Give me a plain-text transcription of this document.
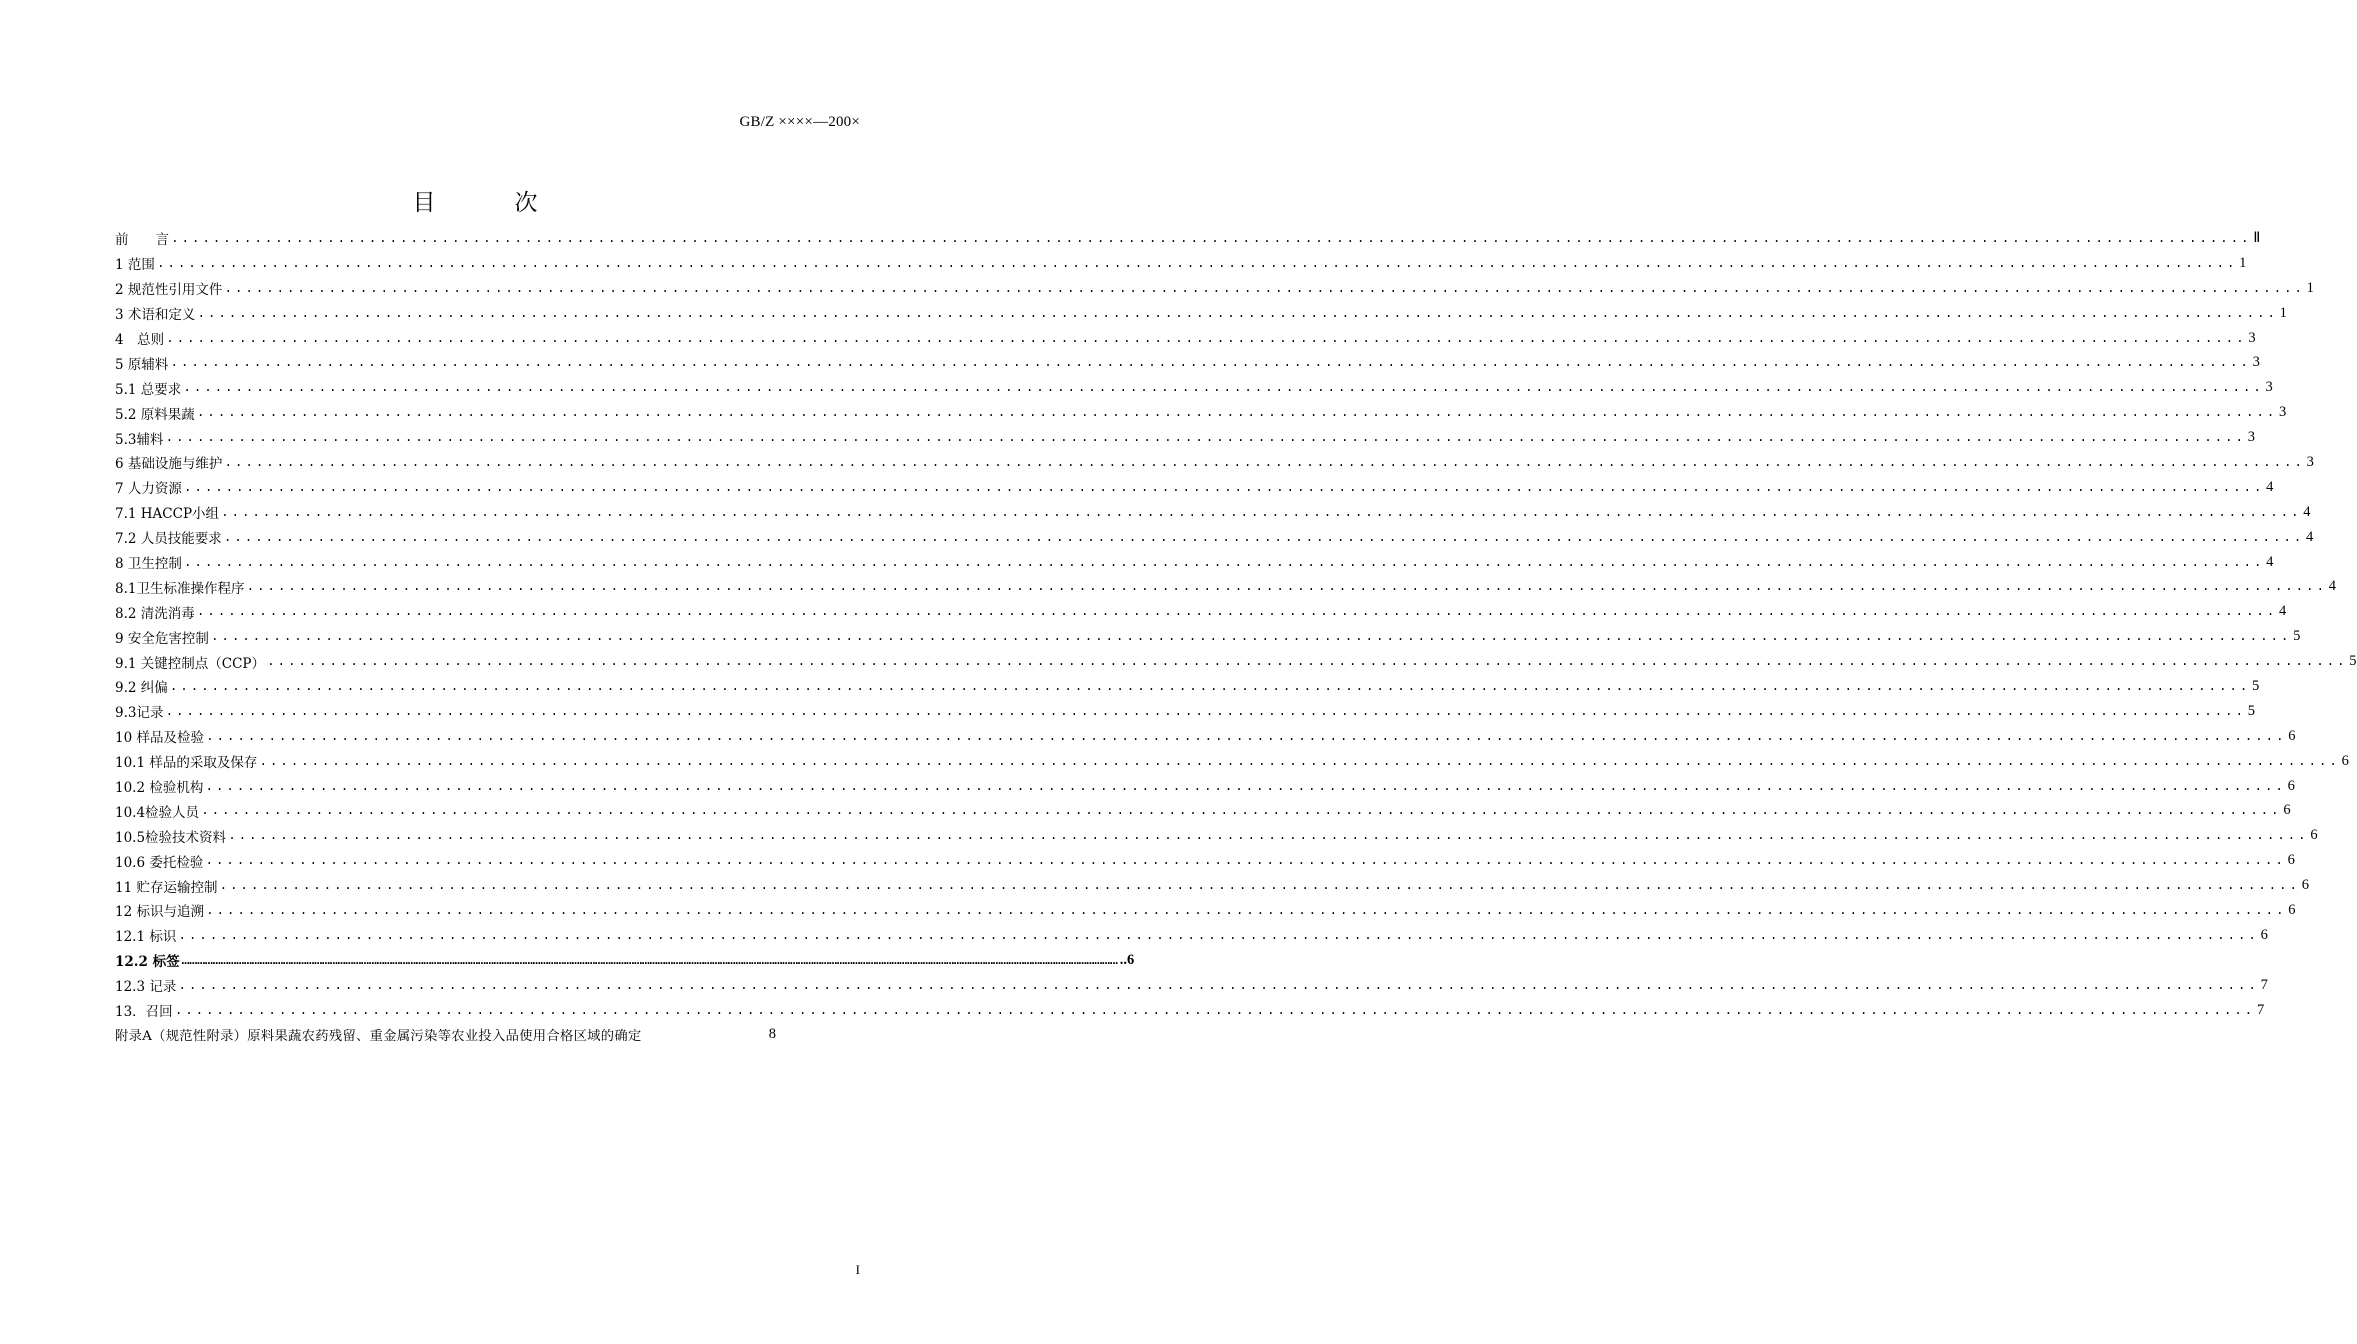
GB/Z ××××—200×
目　次
前　　言 ........................................................................................................................................................................................................ Ⅱ
1 范围 ........................................................................................................................................................................................................ 1
2 规范性引用文件 ........................................................................................................................................................................................................ 1
3 术语和定义 ........................................................................................................................................................................................................ 1
4　总则 ........................................................................................................................................................................................................ 3
5 原辅料 ........................................................................................................................................................................................................ 3
5.1 总要求 ........................................................................................................................................................................................................ 3
5.2 原料果蔬 ........................................................................................................................................................................................................ 3
5.3辅料 ........................................................................................................................................................................................................ 3
6 基础设施与维护 ........................................................................................................................................................................................................ 3
7 人力资源 ........................................................................................................................................................................................................ 4
7.1 HACCP小组 ........................................................................................................................................................................................................ 4
7.2 人员技能要求 ........................................................................................................................................................................................................ 4
8 卫生控制 ........................................................................................................................................................................................................ 4
8.1卫生标准操作程序 ........................................................................................................................................................................................................ 4
8.2 清洗消毒 ........................................................................................................................................................................................................ 4
9 安全危害控制 ........................................................................................................................................................................................................ 5
9.1 关键控制点（CCP） ........................................................................................................................................................................................................ 5
9.2 纠偏 ........................................................................................................................................................................................................ 5
9.3记录 ........................................................................................................................................................................................................ 5
10 样品及检验 ........................................................................................................................................................................................................ 6
10.1 样品的采取及保存 ........................................................................................................................................................................................................ 6
10.2 检验机构 ........................................................................................................................................................................................................ 6
10.4检验人员 ........................................................................................................................................................................................................ 6
10.5检验技术资料 ........................................................................................................................................................................................................ 6
10.6 委托检验 ........................................................................................................................................................................................................ 6
11 贮存运输控制 ........................................................................................................................................................................................................ 6
12 标识与追溯 ........................................................................................................................................................................................................ 6
12.1 标识 ........................................................................................................................................................................................................ 6
12.2 标签 ……………………………………………………………………………………………………………………………………………………………………………………………………………………………………………………………………………………………………………………………… ..6
12.3 记录 ........................................................................................................................................................................................................ 7
13．召回 ........................................................................................................................................................................................................ 7
附录A（规范性附录）原料果蔬农药残留、重金属污染等农业投入品使用合格区域的确定	8
I
